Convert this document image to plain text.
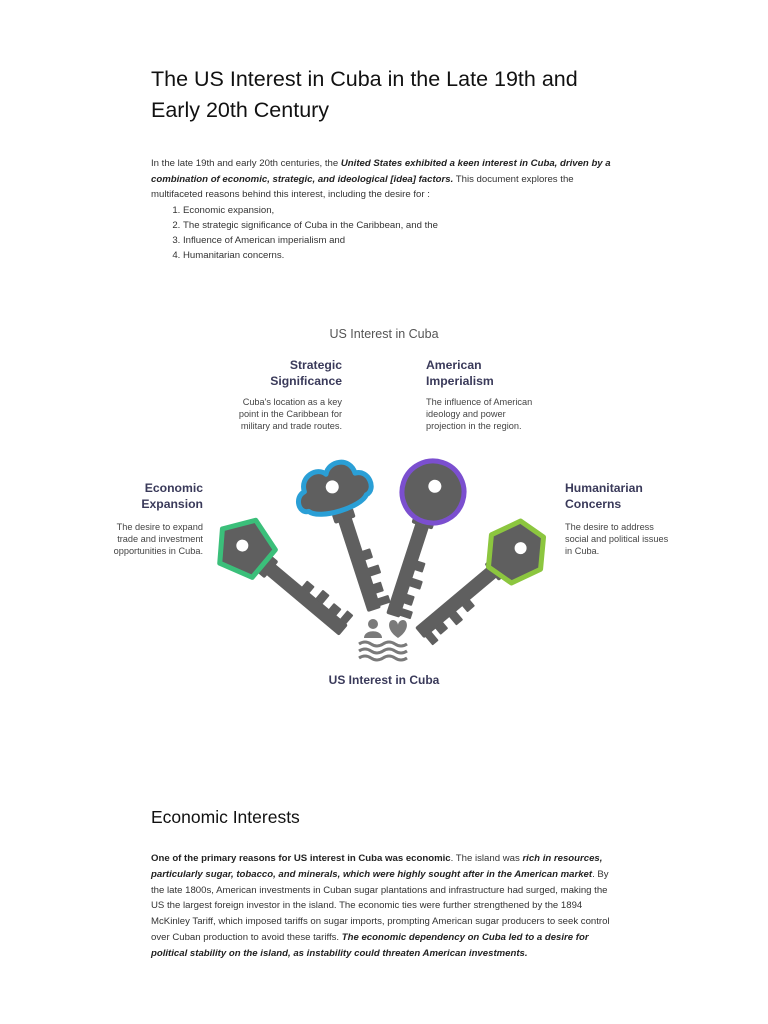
The US Interest in Cuba in the Late 19th and Early 20th Century

In the late 19th and early 20th centuries, the United States exhibited a keen interest in Cuba, driven by a combination of economic, strategic, and ideological [idea] factors. This document explores the multifaceted reasons behind this interest, including the desire for :

1. Economic expansion,
2. The strategic significance of Cuba in the Caribbean, and the
3. Influence of American imperialism and
4. Humanitarian concerns.
US Interest in Cuba
Strategic Significance
Cuba's location as a key point in the Caribbean for military and trade routes.
American Imperialism
The influence of American ideology and power projection in the region.
Economic Expansion
The desire to expand trade and investment opportunities in Cuba.
Humanitarian Concerns
The desire to address social and political issues in Cuba.
US Interest in Cuba
Economic Interests

One of the primary reasons for US interest in Cuba was economic. The island was rich in resources, particularly sugar, tobacco, and minerals, which were highly sought after in the American market. By the late 1800s, American investments in Cuban sugar plantations and infrastructure had surged, making the US the largest foreign investor in the island. The economic ties were further strengthened by the 1894 McKinley Tariff, which imposed tariffs on sugar imports, prompting American sugar producers to seek control over Cuban production to avoid these tariffs. The economic dependency on Cuba led to a desire for political stability on the island, as instability could threaten American investments.
